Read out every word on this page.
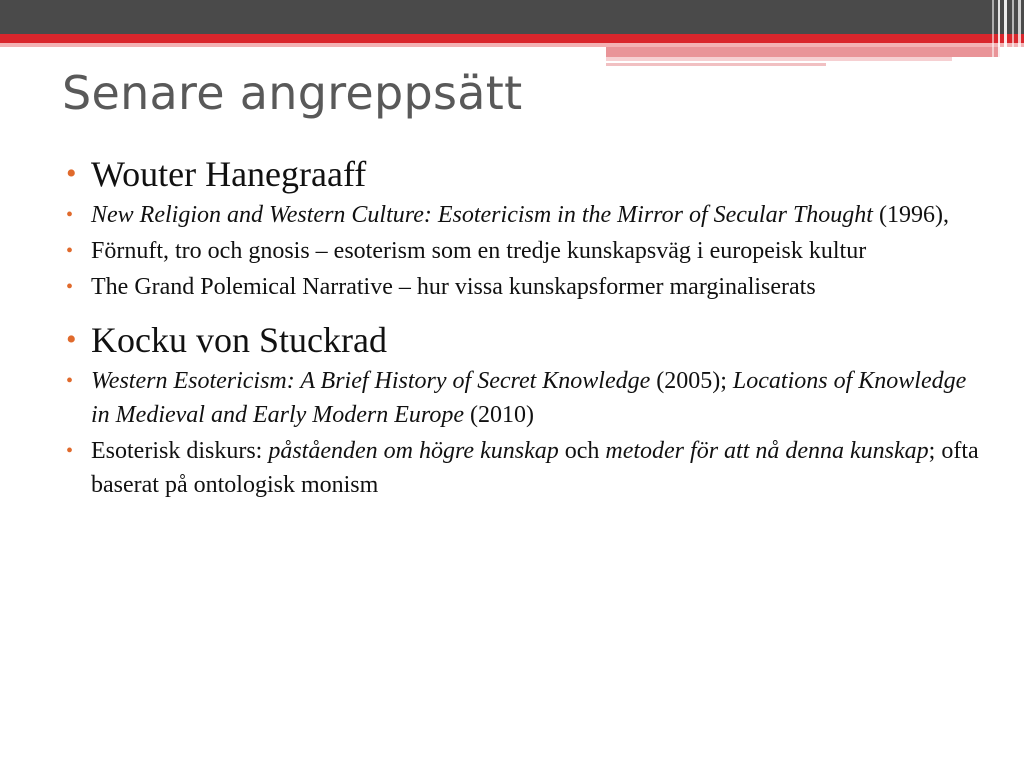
Senare angreppsätt
• Wouter Hanegraaff
• New Religion and Western Culture: Esotericism in the Mirror of Secular Thought (1996),
• Förnuft, tro och gnosis – esoterism som en tredje kunskapsväg i europeisk kultur
• The Grand Polemical Narrative – hur vissa kunskapsformer marginaliserats
• Kocku von Stuckrad
• Western Esotericism: A Brief History of Secret Knowledge (2005); Locations of Knowledge in Medieval and Early Modern Europe (2010)
• Esoterisk diskurs: påståenden om högre kunskap och metoder för att nå denna kunskap; ofta baserat på ontologisk monism
